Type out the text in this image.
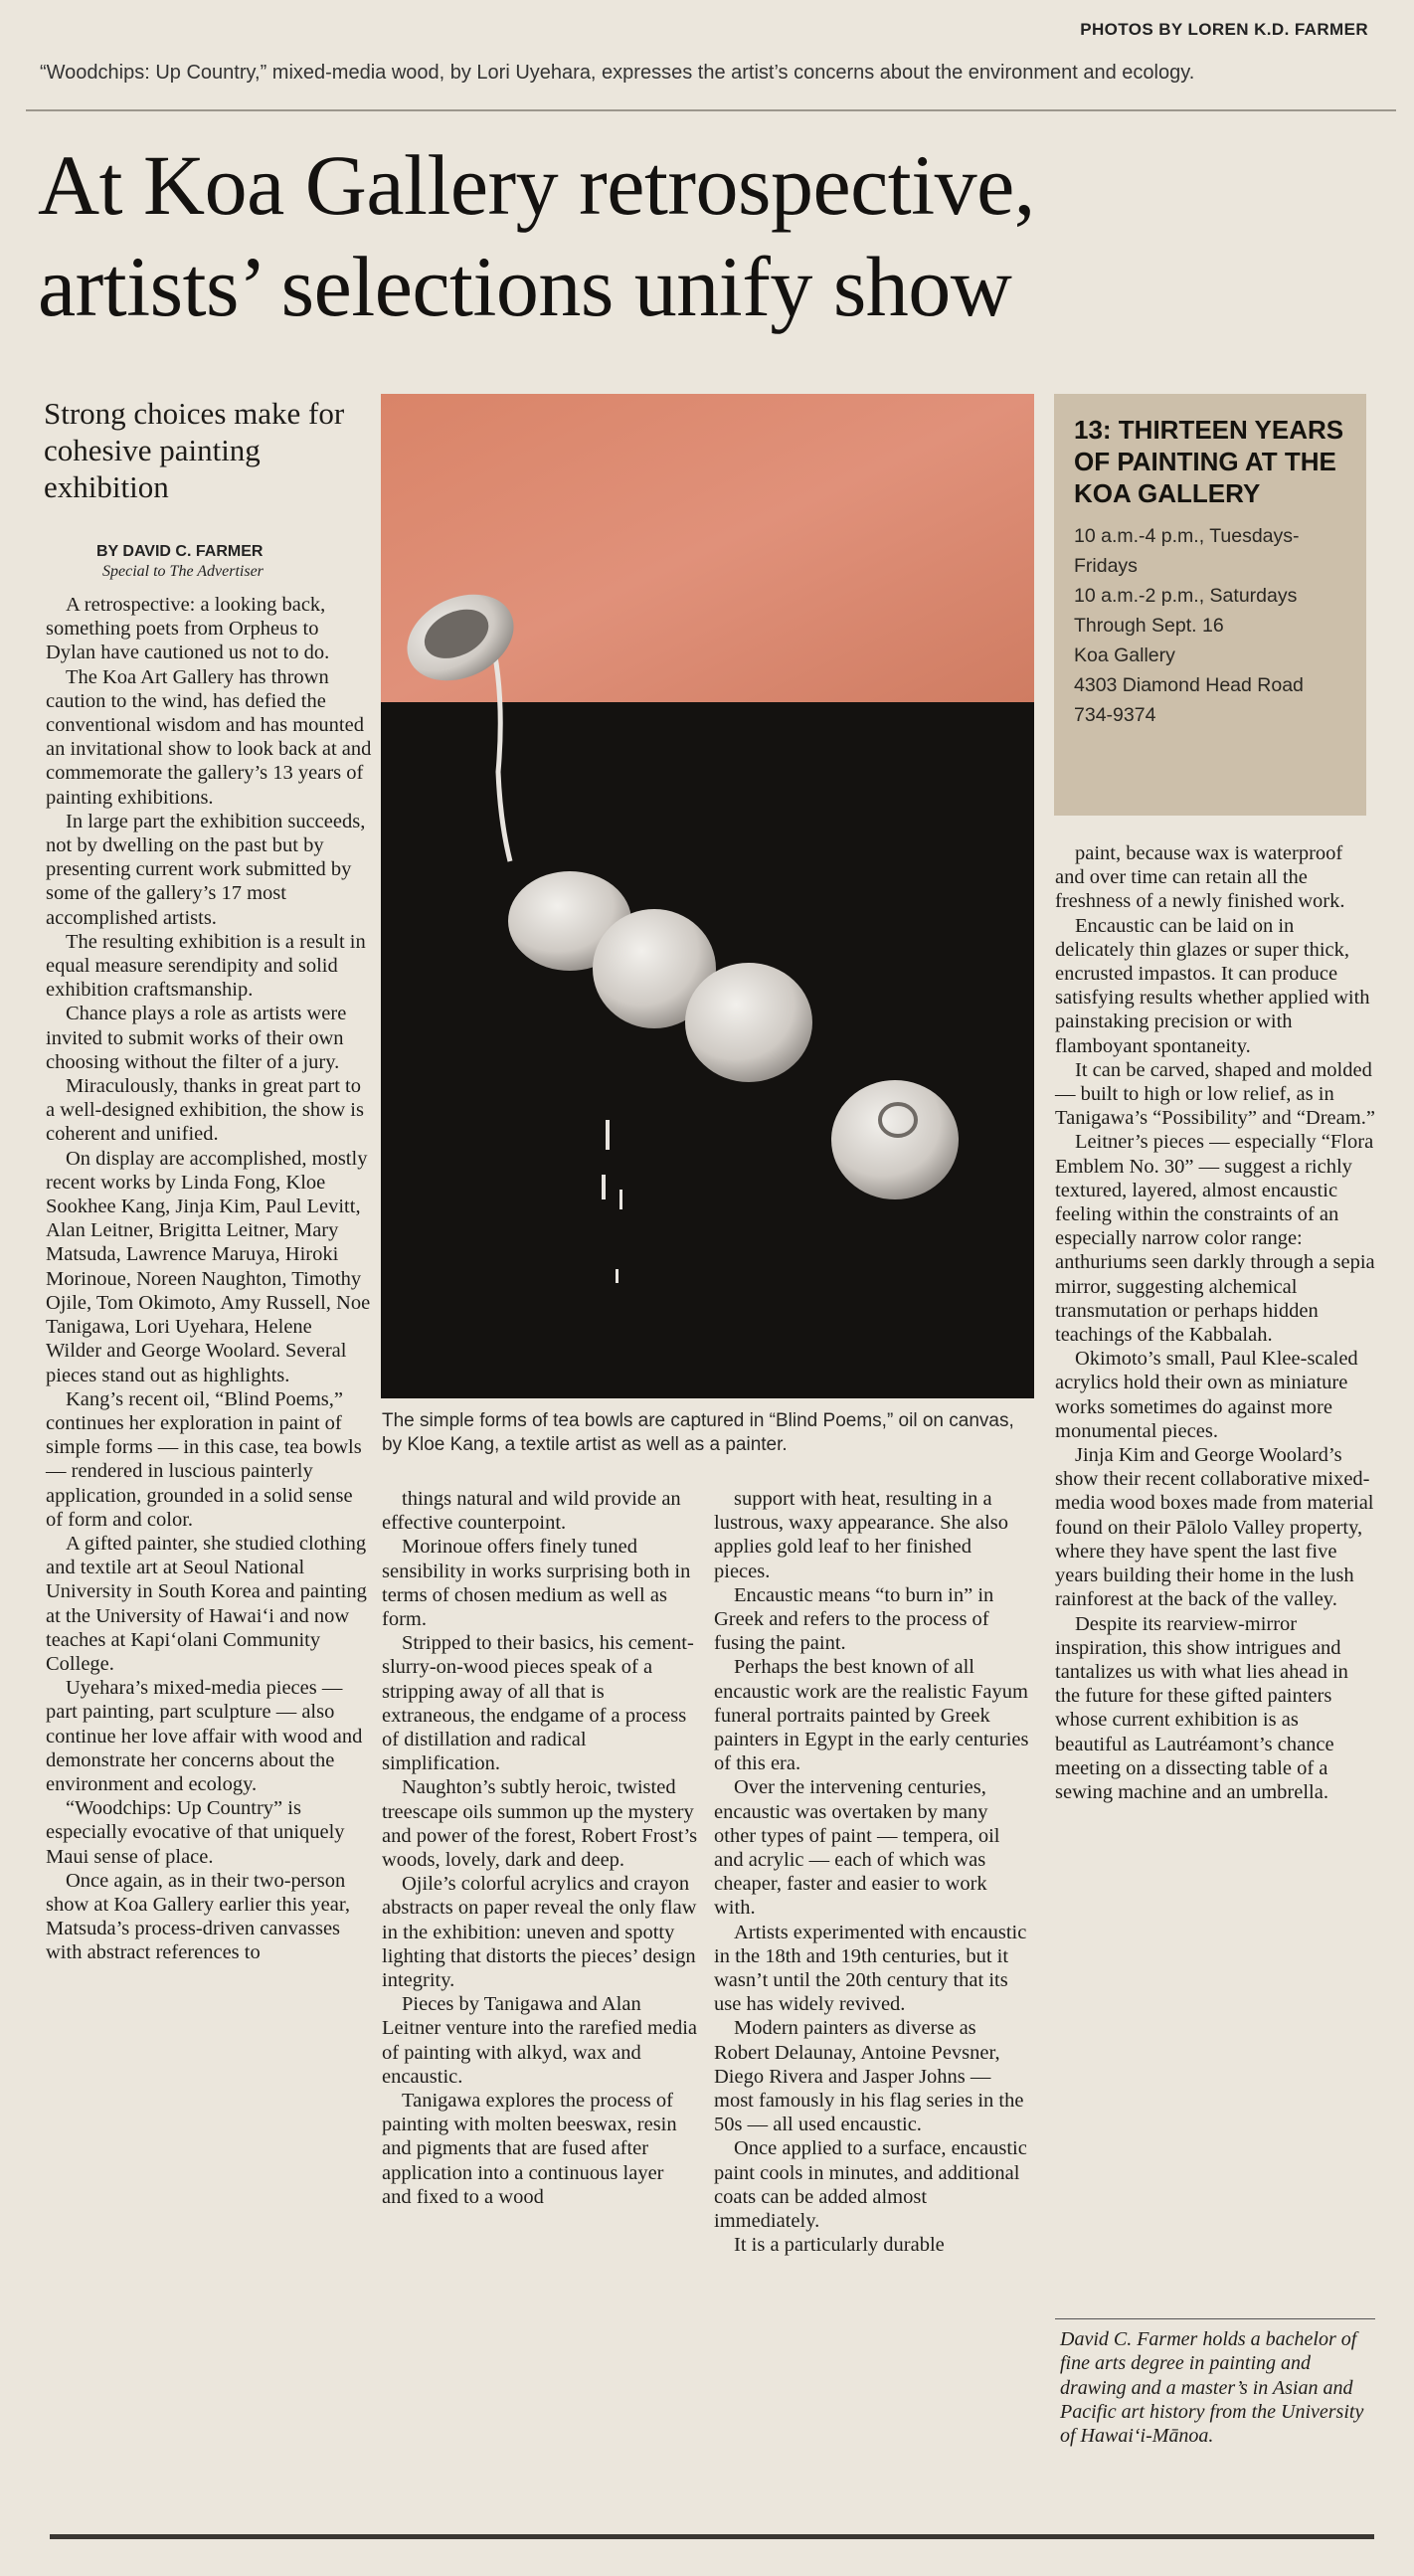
PHOTOS BY LOREN K.D. FARMER
“Woodchips: Up Country,” mixed-media wood, by Lori Uyehara, expresses the artist’s concerns about the environment and ecology.
At Koa Gallery retrospective,
artists’ selections unify show
Strong choices make for cohesive painting exhibition
BY DAVID C. FARMER
Special to The Advertiser

A retrospective: a looking back, something poets from Orpheus to Dylan have cautioned us not to do.

The Koa Art Gallery has thrown caution to the wind, has defied the conventional wisdom and has mounted an invitational show to look back at and commemorate the gallery’s 13 years of painting exhibitions.

In large part the exhibition succeeds, not by dwelling on the past but by presenting current work submitted by some of the gallery’s 17 most accomplished artists.

The resulting exhibition is a result in equal measure serendipity and solid exhibition craftsmanship.

Chance plays a role as artists were invited to submit works of their own choosing without the filter of a jury.

Miraculously, thanks in great part to a well-designed exhibition, the show is coherent and unified.

On display are accomplished, mostly recent works by Linda Fong, Kloe Sookhee Kang, Jinja Kim, Paul Levitt, Alan Leitner, Brigitta Leitner, Mary Matsuda, Lawrence Maruya, Hiroki Morinoue, Noreen Naughton, Timothy Ojile, Tom Okimoto, Amy Russell, Noe Tanigawa, Lori Uyehara, Helene Wilder and George Woolard. Several pieces stand out as highlights.

Kang’s recent oil, “Blind Poems,” continues her exploration in paint of simple forms — in this case, tea bowls — rendered in luscious painterly application, grounded in a solid sense of form and color.

A gifted painter, she studied clothing and textile art at Seoul National University in South Korea and painting at the University of Hawai‘i and now teaches at Kapi‘olani Community College.

Uyehara’s mixed-media pieces — part painting, part sculpture — also continue her love affair with wood and demonstrate her concerns about the environment and ecology.

“Woodchips: Up Country” is especially evocative of that uniquely Maui sense of place.

Once again, as in their two-person show at Koa Gallery earlier this year, Matsuda’s process-driven canvasses with abstract references to

The simple forms of tea bowls are captured in “Blind Poems,” oil on canvas, by Kloe Kang, a textile artist as well as a painter.
13: THIRTEEN YEARS OF PAINTING AT THE KOA GALLERY
10 a.m.-4 p.m., Tuesdays-Fridays
10 a.m.-2 p.m., Saturdays
Through Sept. 16
Koa Gallery
4303 Diamond Head Road
734-9374

things natural and wild provide an effective counterpoint.

Morinoue offers finely tuned sensibility in works surprising both in terms of chosen medium as well as form.

Stripped to their basics, his cement-slurry-on-wood pieces speak of a stripping away of all that is extraneous, the endgame of a process of distillation and radical simplification.

Naughton’s subtly heroic, twisted treescape oils summon up the mystery and power of the forest, Robert Frost’s woods, lovely, dark and deep.

Ojile’s colorful acrylics and crayon abstracts on paper reveal the only flaw in the exhibition: uneven and spotty lighting that distorts the pieces’ design integrity.

Pieces by Tanigawa and Alan Leitner venture into the rarefied media of painting with alkyd, wax and encaustic.

Tanigawa explores the process of painting with molten beeswax, resin and pigments that are fused after application into a continuous layer and fixed to a wood

support with heat, resulting in a lustrous, waxy appearance. She also applies gold leaf to her finished pieces.

Encaustic means “to burn in” in Greek and refers to the process of fusing the paint.

Perhaps the best known of all encaustic work are the realistic Fayum funeral portraits painted by Greek painters in Egypt in the early centuries of this era.

Over the intervening centuries, encaustic was overtaken by many other types of paint — tempera, oil and acrylic — each of which was cheaper, faster and easier to work with.

Artists experimented with encaustic in the 18th and 19th centuries, but it wasn’t until the 20th century that its use has widely revived.

Modern painters as diverse as Robert Delaunay, Antoine Pevsner, Diego Rivera and Jasper Johns — most famously in his flag series in the 50s — all used encaustic.

Once applied to a surface, encaustic paint cools in minutes, and additional coats can be added almost immediately.

It is a particularly durable

paint, because wax is waterproof and over time can retain all the freshness of a newly finished work.

Encaustic can be laid on in delicately thin glazes or super thick, encrusted impastos. It can produce satisfying results whether applied with painstaking precision or with flamboyant spontaneity.

It can be carved, shaped and molded — built to high or low relief, as in Tanigawa’s “Possibility” and “Dream.”

Leitner’s pieces — especially “Flora Emblem No. 30” — suggest a richly textured, layered, almost encaustic feeling within the constraints of an especially narrow color range: anthuriums seen darkly through a sepia mirror, suggesting alchemical transmutation or perhaps hidden teachings of the Kabbalah.

Okimoto’s small, Paul Klee-scaled acrylics hold their own as miniature works sometimes do against more monumental pieces.

Jinja Kim and George Woolard’s show their recent collaborative mixed-media wood boxes made from material found on their Pālolo Valley property, where they have spent the last five years building their home in the lush rainforest at the back of the valley.

Despite its rearview-mirror inspiration, this show intrigues and tantalizes us with what lies ahead in the future for these gifted painters whose current exhibition is as beautiful as Lautréamont’s chance meeting on a dissecting table of a sewing machine and an umbrella.

David C. Farmer holds a bachelor of fine arts degree in painting and drawing and a master’s in Asian and Pacific art history from the University of Hawai‘i-Mānoa.
